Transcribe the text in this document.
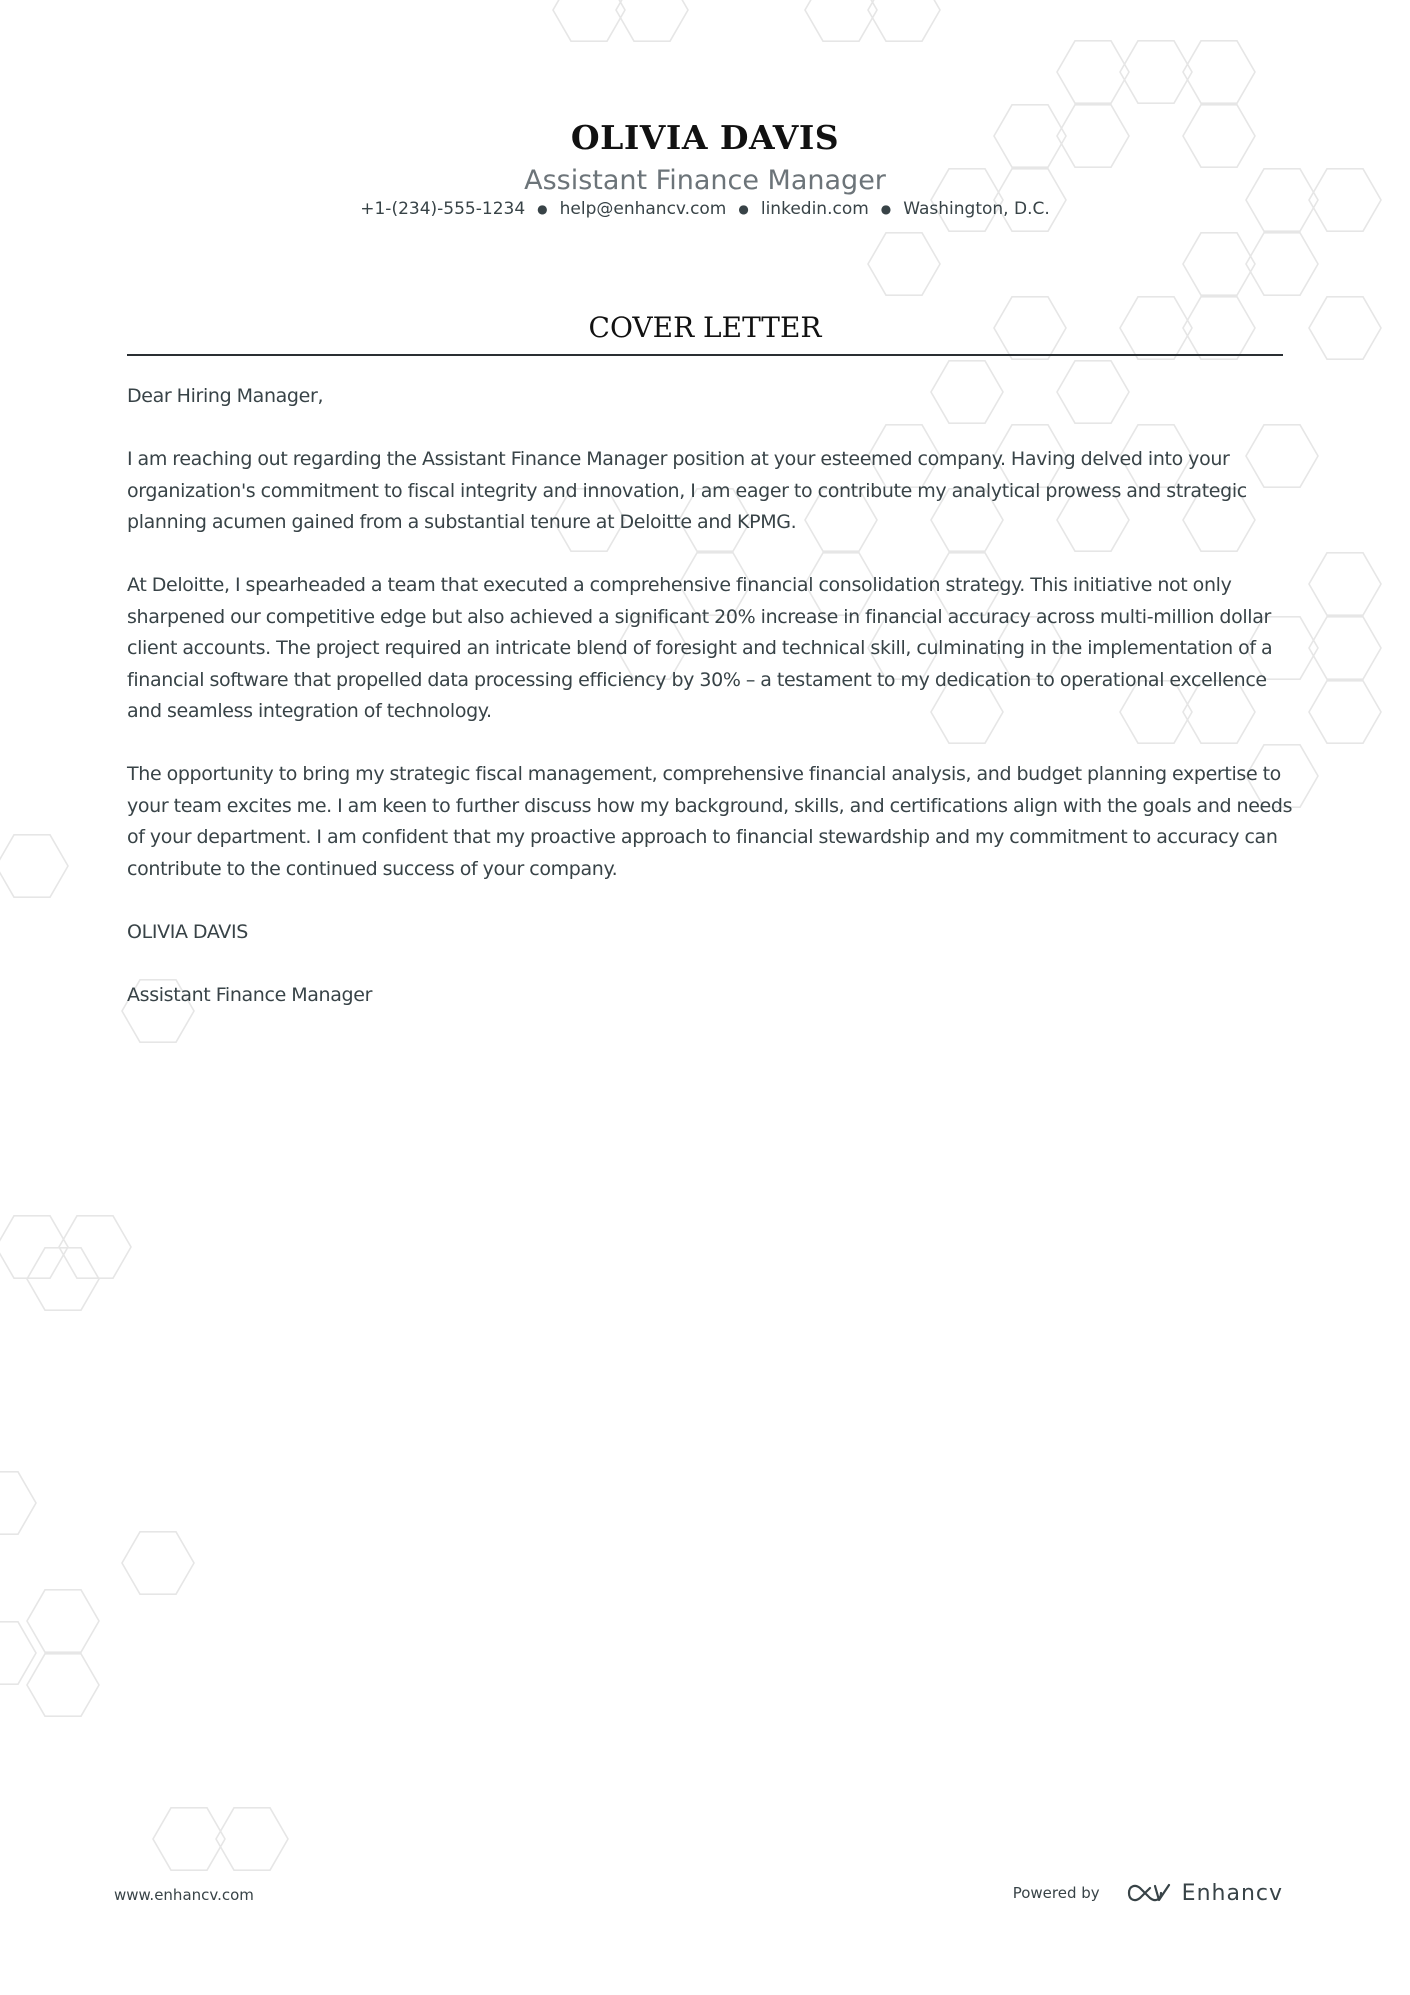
OLIVIA DAVIS
Assistant Finance Manager
+1-(234)-555-1234 ● help@enhancv.com ● linkedin.com ● Washington, D.C.
COVER LETTER

Dear Hiring Manager,

I am reaching out regarding the Assistant Finance Manager position at your esteemed company. Having delved into your organization's commitment to fiscal integrity and innovation, I am eager to contribute my analytical prowess and strategic planning acumen gained from a substantial tenure at Deloitte and KPMG.

At Deloitte, I spearheaded a team that executed a comprehensive financial consolidation strategy. This initiative not only sharpened our competitive edge but also achieved a significant 20% increase in financial accuracy across multi-million dollar client accounts. The project required an intricate blend of foresight and technical skill, culminating in the implementation of a financial software that propelled data processing efficiency by 30% – a testament to my dedication to operational excellence and seamless integration of technology.

The opportunity to bring my strategic fiscal management, comprehensive financial analysis, and budget planning expertise to your team excites me. I am keen to further discuss how my background, skills, and certifications align with the goals and needs of your department. I am confident that my proactive approach to financial stewardship and my commitment to accuracy can contribute to the continued success of your company.

OLIVIA DAVIS

Assistant Finance Manager

www.enhancv.com	Powered by	Enhancv
